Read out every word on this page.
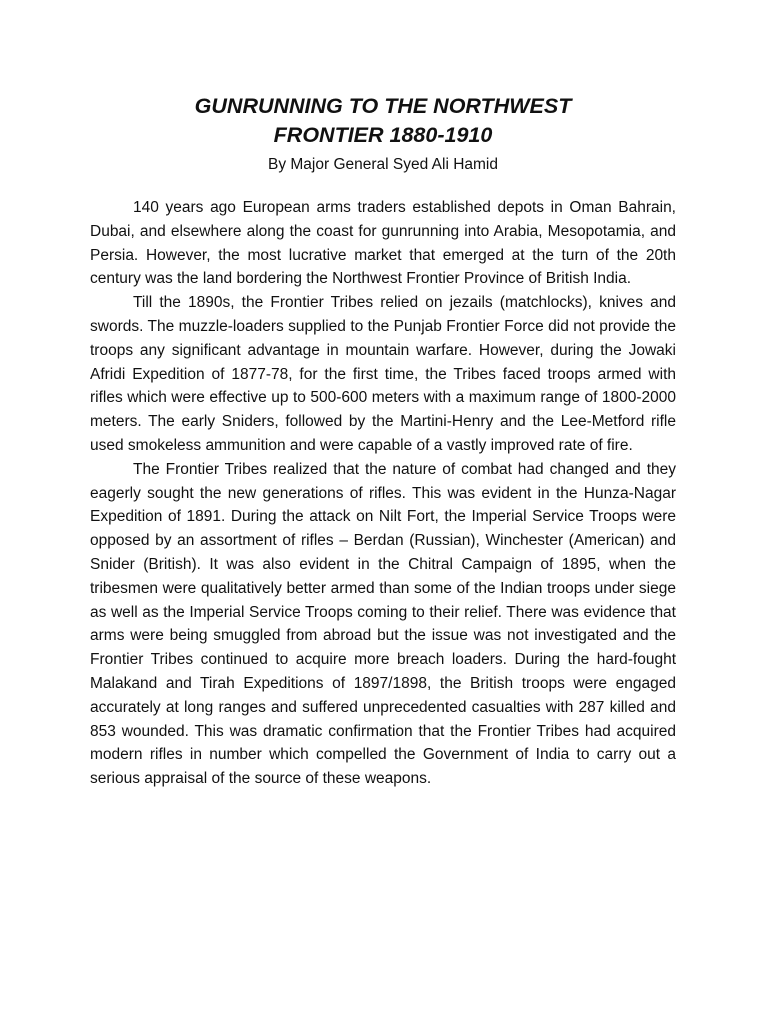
GUNRUNNING TO THE NORTHWEST
FRONTIER 1880-1910

By Major General Syed Ali Hamid

140 years ago European arms traders established depots in Oman Bahrain, Dubai, and elsewhere along the coast for gunrunning into Arabia, Mesopotamia, and Persia. However, the most lucrative market that emerged at the turn of the 20th century was the land bordering the Northwest Frontier Province of British India.

Till the 1890s, the Frontier Tribes relied on jezails (matchlocks), knives and swords. The muzzle-loaders supplied to the Punjab Frontier Force did not provide the troops any significant advantage in mountain warfare. However, during the Jowaki Afridi Expedition of 1877-78, for the first time, the Tribes faced troops armed with rifles which were effective up to 500-600 meters with a maximum range of 1800-2000 meters. The early Sniders, followed by the Martini-Henry and the Lee-Metford rifle used smokeless ammunition and were capable of a vastly improved rate of fire.

The Frontier Tribes realized that the nature of combat had changed and they eagerly sought the new generations of rifles. This was evident in the Hunza-Nagar Expedition of 1891. During the attack on Nilt Fort, the Imperial Service Troops were opposed by an assortment of rifles – Berdan (Russian), Winchester (American) and Snider (British). It was also evident in the Chitral Campaign of 1895, when the tribesmen were qualitatively better armed than some of the Indian troops under siege as well as the Imperial Service Troops coming to their relief. There was evidence that arms were being smuggled from abroad but the issue was not investigated and the Frontier Tribes continued to acquire more breach loaders. During the hard-fought Malakand and Tirah Expeditions of 1897/1898, the British troops were engaged accurately at long ranges and suffered unprecedented casualties with 287 killed and 853 wounded. This was dramatic confirmation that the Frontier Tribes had acquired modern rifles in number which compelled the Government of India to carry out a serious appraisal of the source of these weapons.
